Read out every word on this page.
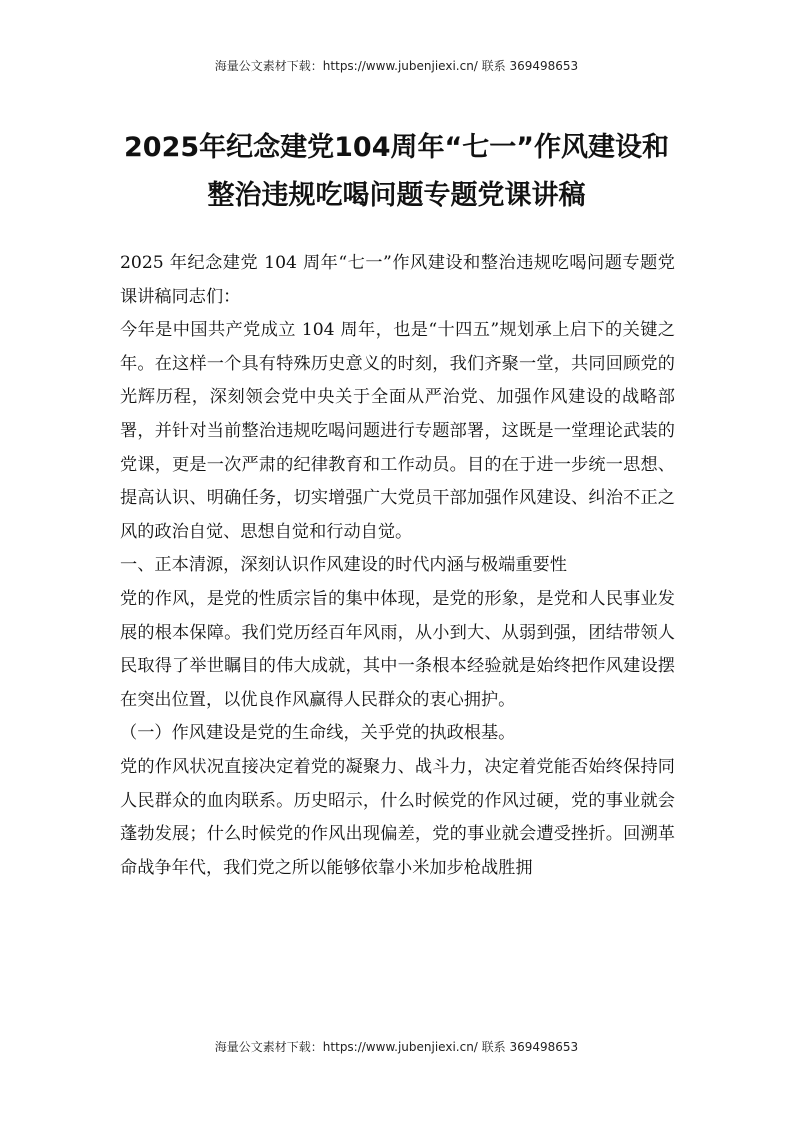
海量公文素材下载：https://www.jubenjiexi.cn/ 联系 369498653
2025年纪念建党104周年“七一”作风建设和
整治违规吃喝问题专题党课讲稿

2025 年纪念建党 104 周年“七一”作风建设和整治违规吃喝问题专题党课讲稿同志们：

今年是中国共产党成立 104 周年，也是“十四五”规划承上启下的关键之年。在这样一个具有特殊历史意义的时刻，我们齐聚一堂，共同回顾党的光辉历程，深刻领会党中央关于全面从严治党、加强作风建设的战略部署，并针对当前整治违规吃喝问题进行专题部署，这既是一堂理论武装的党课，更是一次严肃的纪律教育和工作动员。目的在于进一步统一思想、提高认识、明确任务，切实增强广大党员干部加强作风建设、纠治不正之风的政治自觉、思想自觉和行动自觉。

一、正本清源，深刻认识作风建设的时代内涵与极端重要性

党的作风，是党的性质宗旨的集中体现，是党的形象，是党和人民事业发展的根本保障。我们党历经百年风雨，从小到大、从弱到强，团结带领人民取得了举世瞩目的伟大成就，其中一条根本经验就是始终把作风建设摆在突出位置，以优良作风赢得人民群众的衷心拥护。

（一）作风建设是党的生命线，关乎党的执政根基。

党的作风状况直接决定着党的凝聚力、战斗力，决定着党能否始终保持同人民群众的血肉联系。历史昭示，什么时候党的作风过硬，党的事业就会蓬勃发展；什么时候党的作风出现偏差，党的事业就会遭受挫折。回溯革命战争年代，我们党之所以能够依靠小米加步枪战胜拥

海量公文素材下载：https://www.jubenjiexi.cn/ 联系 369498653
